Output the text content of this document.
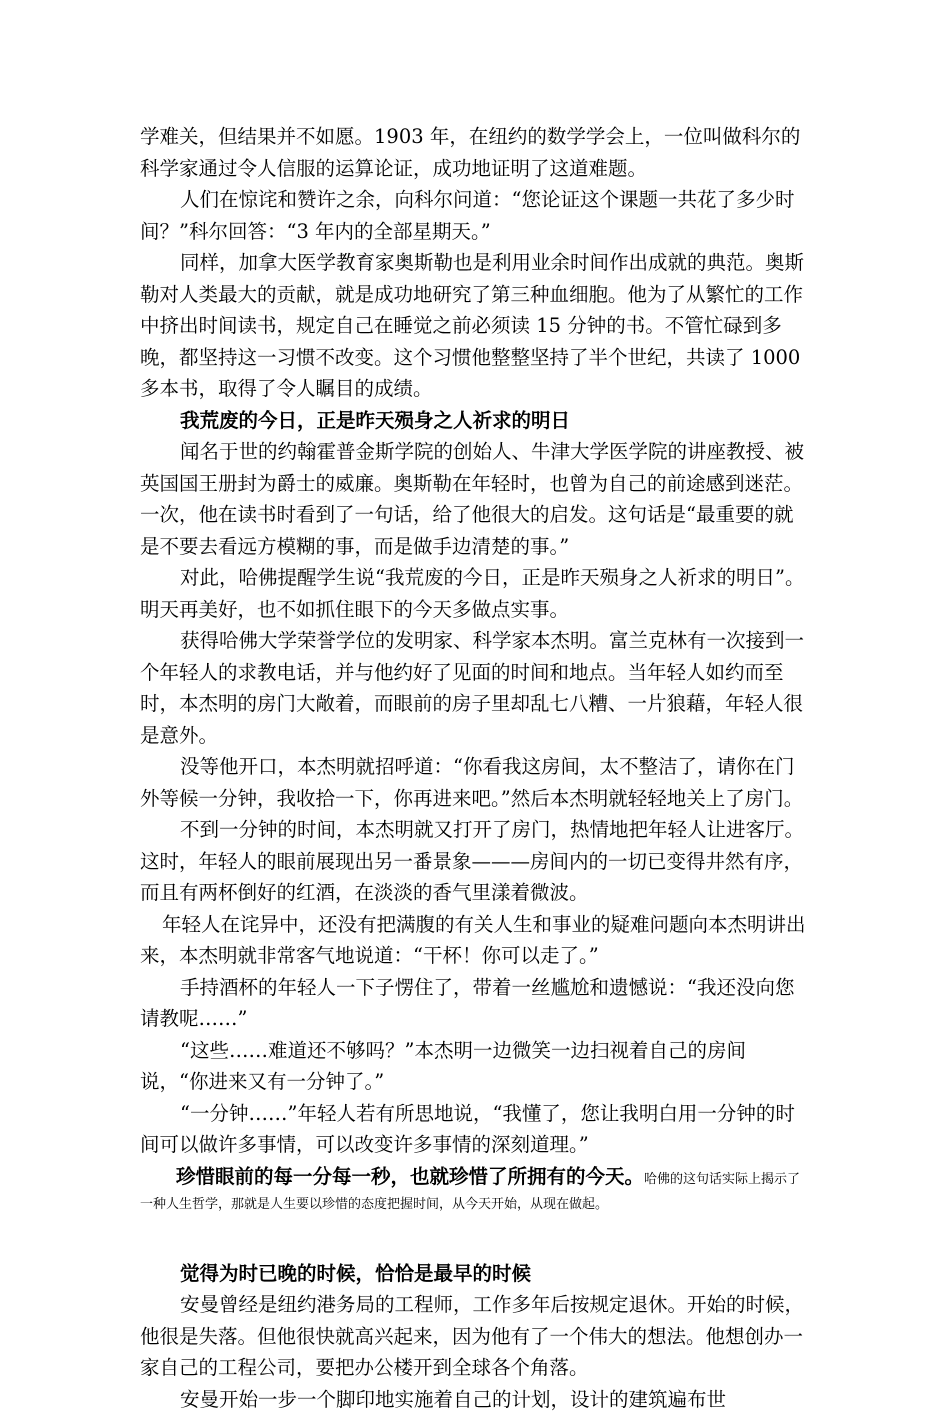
学难关，但结果并不如愿。1903 年，在纽约的数学学会上，一位叫做科尔的科学家通过令人信服的运算论证，成功地证明了这道难题。

人们在惊诧和赞许之余，向科尔问道：“您论证这个课题一共花了多少时间？”科尔回答：“3 年内的全部星期天。”

同样，加拿大医学教育家奥斯勒也是利用业余时间作出成就的典范。奥斯勒对人类最大的贡献，就是成功地研究了第三种血细胞。他为了从繁忙的工作中挤出时间读书，规定自己在睡觉之前必须读 15 分钟的书。不管忙碌到多晚，都坚持这一习惯不改变。这个习惯他整整坚持了半个世纪，共读了 1000 多本书，取得了令人瞩目的成绩。

我荒废的今日，正是昨天殒身之人祈求的明日

闻名于世的约翰霍普金斯学院的创始人、牛津大学医学院的讲座教授、被英国国王册封为爵士的威廉。奥斯勒在年轻时，也曾为自己的前途感到迷茫。一次，他在读书时看到了一句话，给了他很大的启发。这句话是“最重要的就是不要去看远方模糊的事，而是做手边清楚的事。”

对此，哈佛提醒学生说“我荒废的今日，正是昨天殒身之人祈求的明日”。明天再美好，也不如抓住眼下的今天多做点实事。

获得哈佛大学荣誉学位的发明家、科学家本杰明。富兰克林有一次接到一个年轻人的求教电话，并与他约好了见面的时间和地点。当年轻人如约而至时，本杰明的房门大敞着，而眼前的房子里却乱七八糟、一片狼藉，年轻人很是意外。

没等他开口，本杰明就招呼道：“你看我这房间，太不整洁了，请你在门外等候一分钟，我收拾一下，你再进来吧。”然后本杰明就轻轻地关上了房门。

不到一分钟的时间，本杰明就又打开了房门，热情地把年轻人让进客厅。这时，年轻人的眼前展现出另一番景象———房间内的一切已变得井然有序，而且有两杯倒好的红酒，在淡淡的香气里漾着微波。

年轻人在诧异中，还没有把满腹的有关人生和事业的疑难问题向本杰明讲出来，本杰明就非常客气地说道：“干杯！你可以走了。”

手持酒杯的年轻人一下子愣住了，带着一丝尴尬和遗憾说：“我还没向您请教呢……”

“这些……难道还不够吗？”本杰明一边微笑一边扫视着自己的房间说，“你进来又有一分钟了。”

“一分钟……”年轻人若有所思地说，“我懂了，您让我明白用一分钟的时间可以做许多事情，可以改变许多事情的深刻道理。”

珍惜眼前的每一分每一秒，也就珍惜了所拥有的今天。哈佛的这句话实际上揭示了一种人生哲学，那就是人生要以珍惜的态度把握时间，从今天开始，从现在做起。

觉得为时已晚的时候，恰恰是最早的时候

安曼曾经是纽约港务局的工程师，工作多年后按规定退休。开始的时候，他很是失落。但他很快就高兴起来，因为他有了一个伟大的想法。他想创办一家自己的工程公司，要把办公楼开到全球各个角落。

安曼开始一步一个脚印地实施着自己的计划，设计的建筑遍布世
